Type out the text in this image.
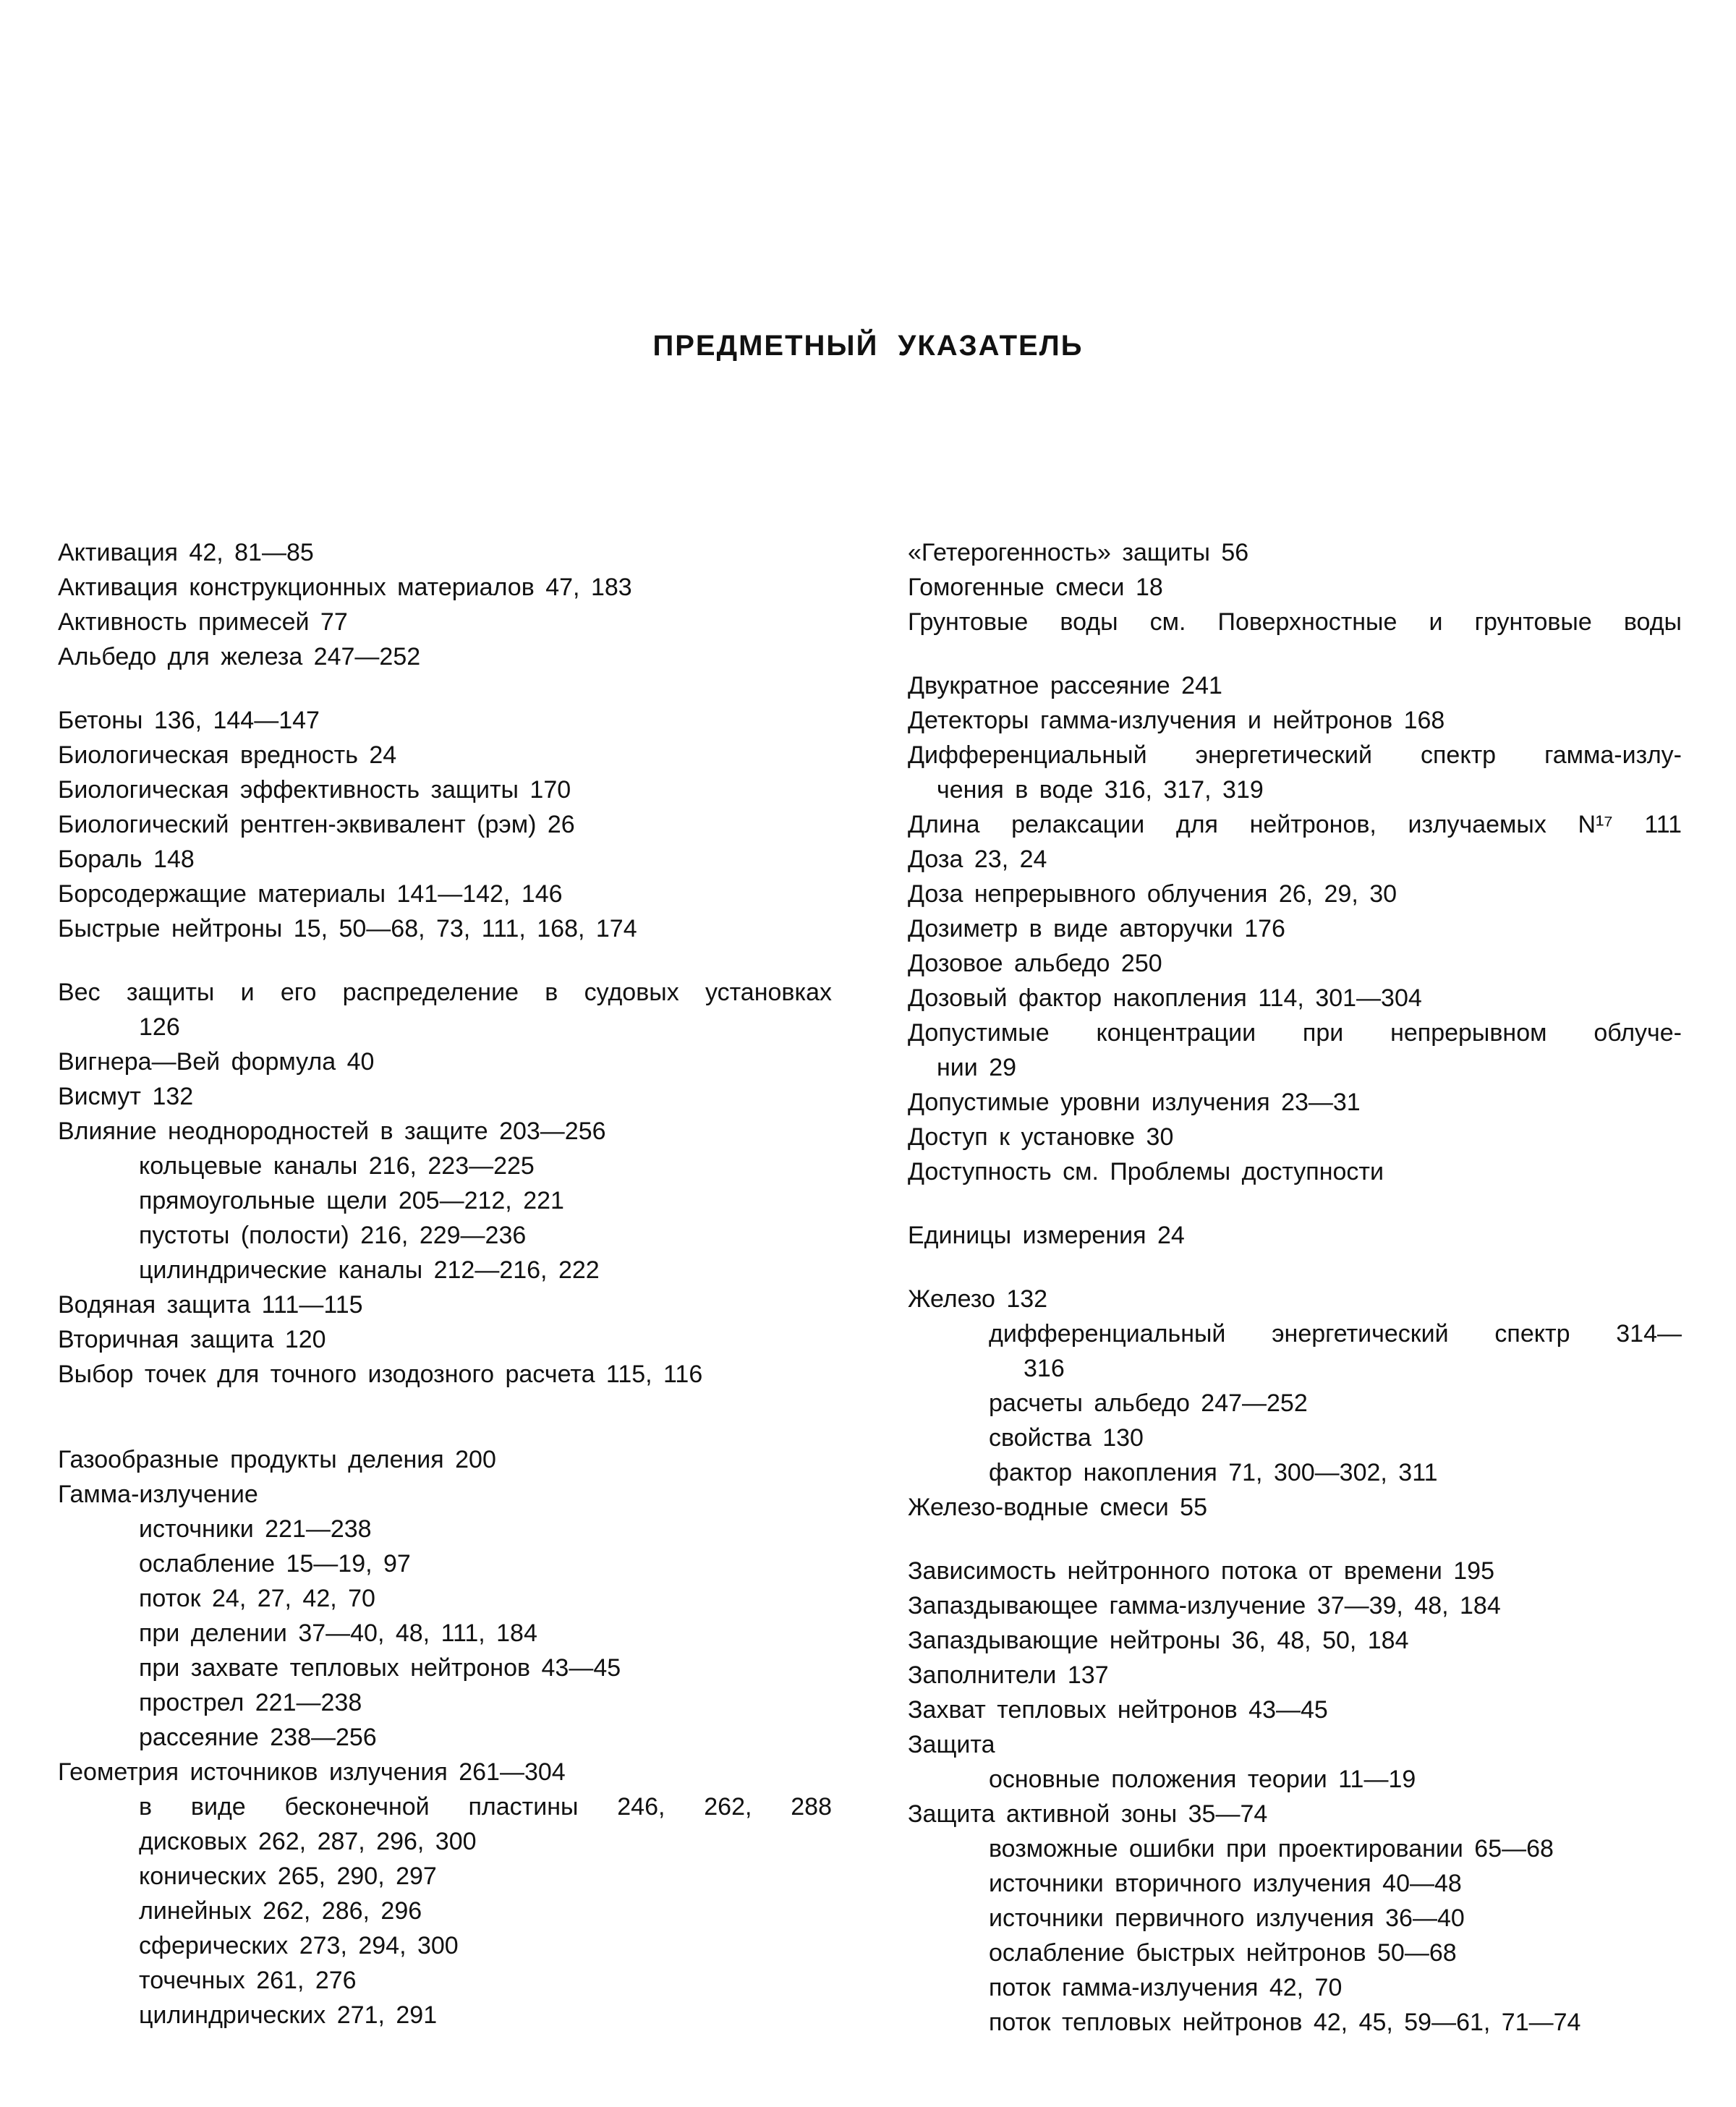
ПРЕДМЕТНЫЙ УКАЗАТЕЛЬ
Активация 42, 81—85
Активация конструкционных материалов 47, 183
Активность примесей 77
Альбедо для железа 247—252
Бетоны 136, 144—147
Биологическая вредность 24
Биологическая эффективность защиты 170
Биологический рентген-эквивалент (рэм) 26
Бораль 148
Борсодержащие материалы 141—142, 146
Быстрые нейтроны 15, 50—68, 73, 111, 168, 174
Вес защиты и его распределение в судовых установках
126
Вигнера—Вей формула 40
Висмут 132
Влияние неоднородностей в защите 203—256
кольцевые каналы 216, 223—225
прямоугольные щели 205—212, 221
пустоты (полости) 216, 229—236
цилиндрические каналы 212—216, 222
Водяная защита 111—115
Вторичная защита 120
Выбор точек для точного изодозного расчета 115, 116
Газообразные продукты деления 200
Гамма-излучение
источники 221—238
ослабление 15—19, 97
поток 24, 27, 42, 70
при делении 37—40, 48, 111, 184
при захвате тепловых нейтронов 43—45
прострел 221—238
рассеяние 238—256
Геометрия источников излучения 261—304
в виде бесконечной пластины 246, 262, 288
дисковых 262, 287, 296, 300
конических 265, 290, 297
линейных 262, 286, 296
сферических 273, 294, 300
точечных 261, 276
цилиндрических 271, 291
«Гетерогенность» защиты 56
Гомогенные смеси 18
Грунтовые воды см. Поверхностные и грунтовые воды
Двукратное рассеяние 241
Детекторы гамма-излучения и нейтронов 168
Дифференциальный энергетический спектр гамма-излу-
чения в воде 316, 317, 319
Длина релаксации для нейтронов, излучаемых N¹⁷ 111
Доза 23, 24
Доза непрерывного облучения 26, 29, 30
Дозиметр в виде авторучки 176
Дозовое альбедо 250
Дозовый фактор накопления 114, 301—304
Допустимые концентрации при непрерывном облуче-
нии 29
Допустимые уровни излучения 23—31
Доступ к установке 30
Доступность см. Проблемы доступности
Единицы измерения 24
Железо 132
дифференциальный энергетический спектр 314—
316
расчеты альбедо 247—252
свойства 130
фактор накопления 71, 300—302, 311
Железо-водные смеси 55
Зависимость нейтронного потока от времени 195
Запаздывающее гамма-излучение 37—39, 48, 184
Запаздывающие нейтроны 36, 48, 50, 184
Заполнители 137
Захват тепловых нейтронов 43—45
Защита
основные положения теории 11—19
Защита активной зоны 35—74
возможные ошибки при проектировании 65—68
источники вторичного излучения 40—48
источники первичного излучения 36—40
ослабление быстрых нейтронов 50—68
поток гамма-излучения 42, 70
поток тепловых нейтронов 42, 45, 59—61, 71—74
